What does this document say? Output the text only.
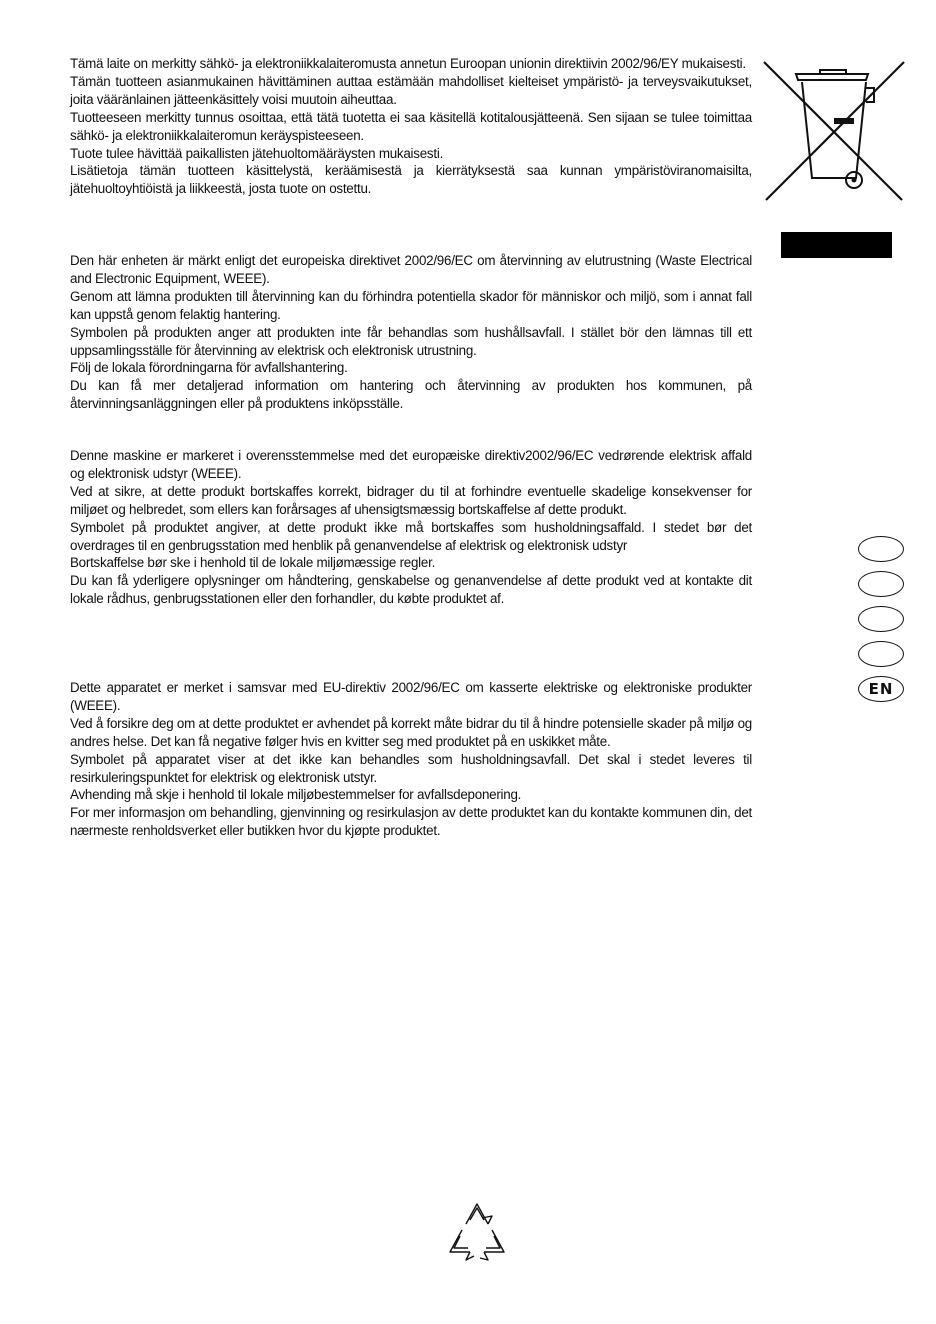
Tämä laite on merkitty sähkö- ja elektroniikkalaiteromusta annetun Euroopan unionin direktiivin 2002/96/EY mukaisesti.

Tämän tuotteen asianmukainen hävittäminen auttaa estämään mahdolliset kielteiset ympäristö- ja terveysvaikutukset, joita vääränlainen jätteenkäsittely voisi muutoin aiheuttaa.

Tuotteeseen merkitty tunnus osoittaa, että tätä tuotetta ei saa käsitellä kotitalousjätteenä. Sen sijaan se tulee toimittaa sähkö- ja elektroniikkalaiteromun keräyspisteeseen.

Tuote tulee hävittää paikallisten jätehuoltomääräysten mukaisesti.

Lisätietoja tämän tuotteen käsittelystä, keräämisestä ja kierrätyksestä saa kunnan ympäristöviranomaisilta, jätehuoltoyhtiöistä ja liikkeestä, josta tuote on ostettu.

Den här enheten är märkt enligt det europeiska direktivet 2002/96/EC om återvinning av elutrustning (Waste Electrical and Electronic Equipment, WEEE).

Genom att lämna produkten till återvinning kan du förhindra potentiella skador för människor och miljö, som i annat fall kan uppstå genom felaktig hantering.

Symbolen på produkten anger att produkten inte får behandlas som hushållsavfall. I stället bör den lämnas till ett uppsamlingsställe för återvinning av elektrisk och elektronisk utrustning.

Följ de lokala förordningarna för avfallshantering.

Du kan få mer detaljerad information om hantering och återvinning av produkten hos kommunen, på återvinningsanläggningen eller på produktens inköpsställe.

Denne maskine er markeret i overensstemmelse med det europæiske direktiv2002/96/EC vedrørende elektrisk affald og elektronisk udstyr (WEEE).

Ved at sikre, at dette produkt bortskaffes korrekt, bidrager du til at forhindre eventuelle skadelige konsekvenser for miljøet og helbredet, som ellers kan forårsages af uhensigtsmæssig bortskaffelse af dette produkt.

Symbolet på produktet angiver, at dette produkt ikke må bortskaffes som husholdningsaffald. I stedet bør det overdrages til en genbrugsstation med henblik på genanvendelse af elektrisk og elektronisk udstyr

Bortskaffelse bør ske i henhold til de lokale miljømæssige regler.

Du kan få yderligere oplysninger om håndtering, genskabelse og genanvendelse af dette produkt ved at kontakte dit lokale rådhus, genbrugsstationen eller den forhandler, du købte produktet af.

Dette apparatet er merket i samsvar med EU-direktiv 2002/96/EC om kasserte elektriske og elektroniske produkter (WEEE).

Ved å forsikre deg om at dette produktet er avhendet på korrekt måte bidrar du til å hindre potensielle skader på miljø og andres helse. Det kan få negative følger hvis en kvitter seg med produktet på en uskikket måte.

Symbolet på apparatet viser at det ikke kan behandles som husholdningsavfall. Det skal i stedet leveres til resirkuleringspunktet for elektrisk og elektronisk utstyr.

Avhending må skje i henhold til lokale miljøbestemmelser for avfallsdeponering.

For mer informasjon om behandling, gjenvinning og resirkulasjon av dette produktet kan du kontakte kommunen din, det nærmeste renholdsverket eller butikken hvor du kjøpte produktet.

EN
